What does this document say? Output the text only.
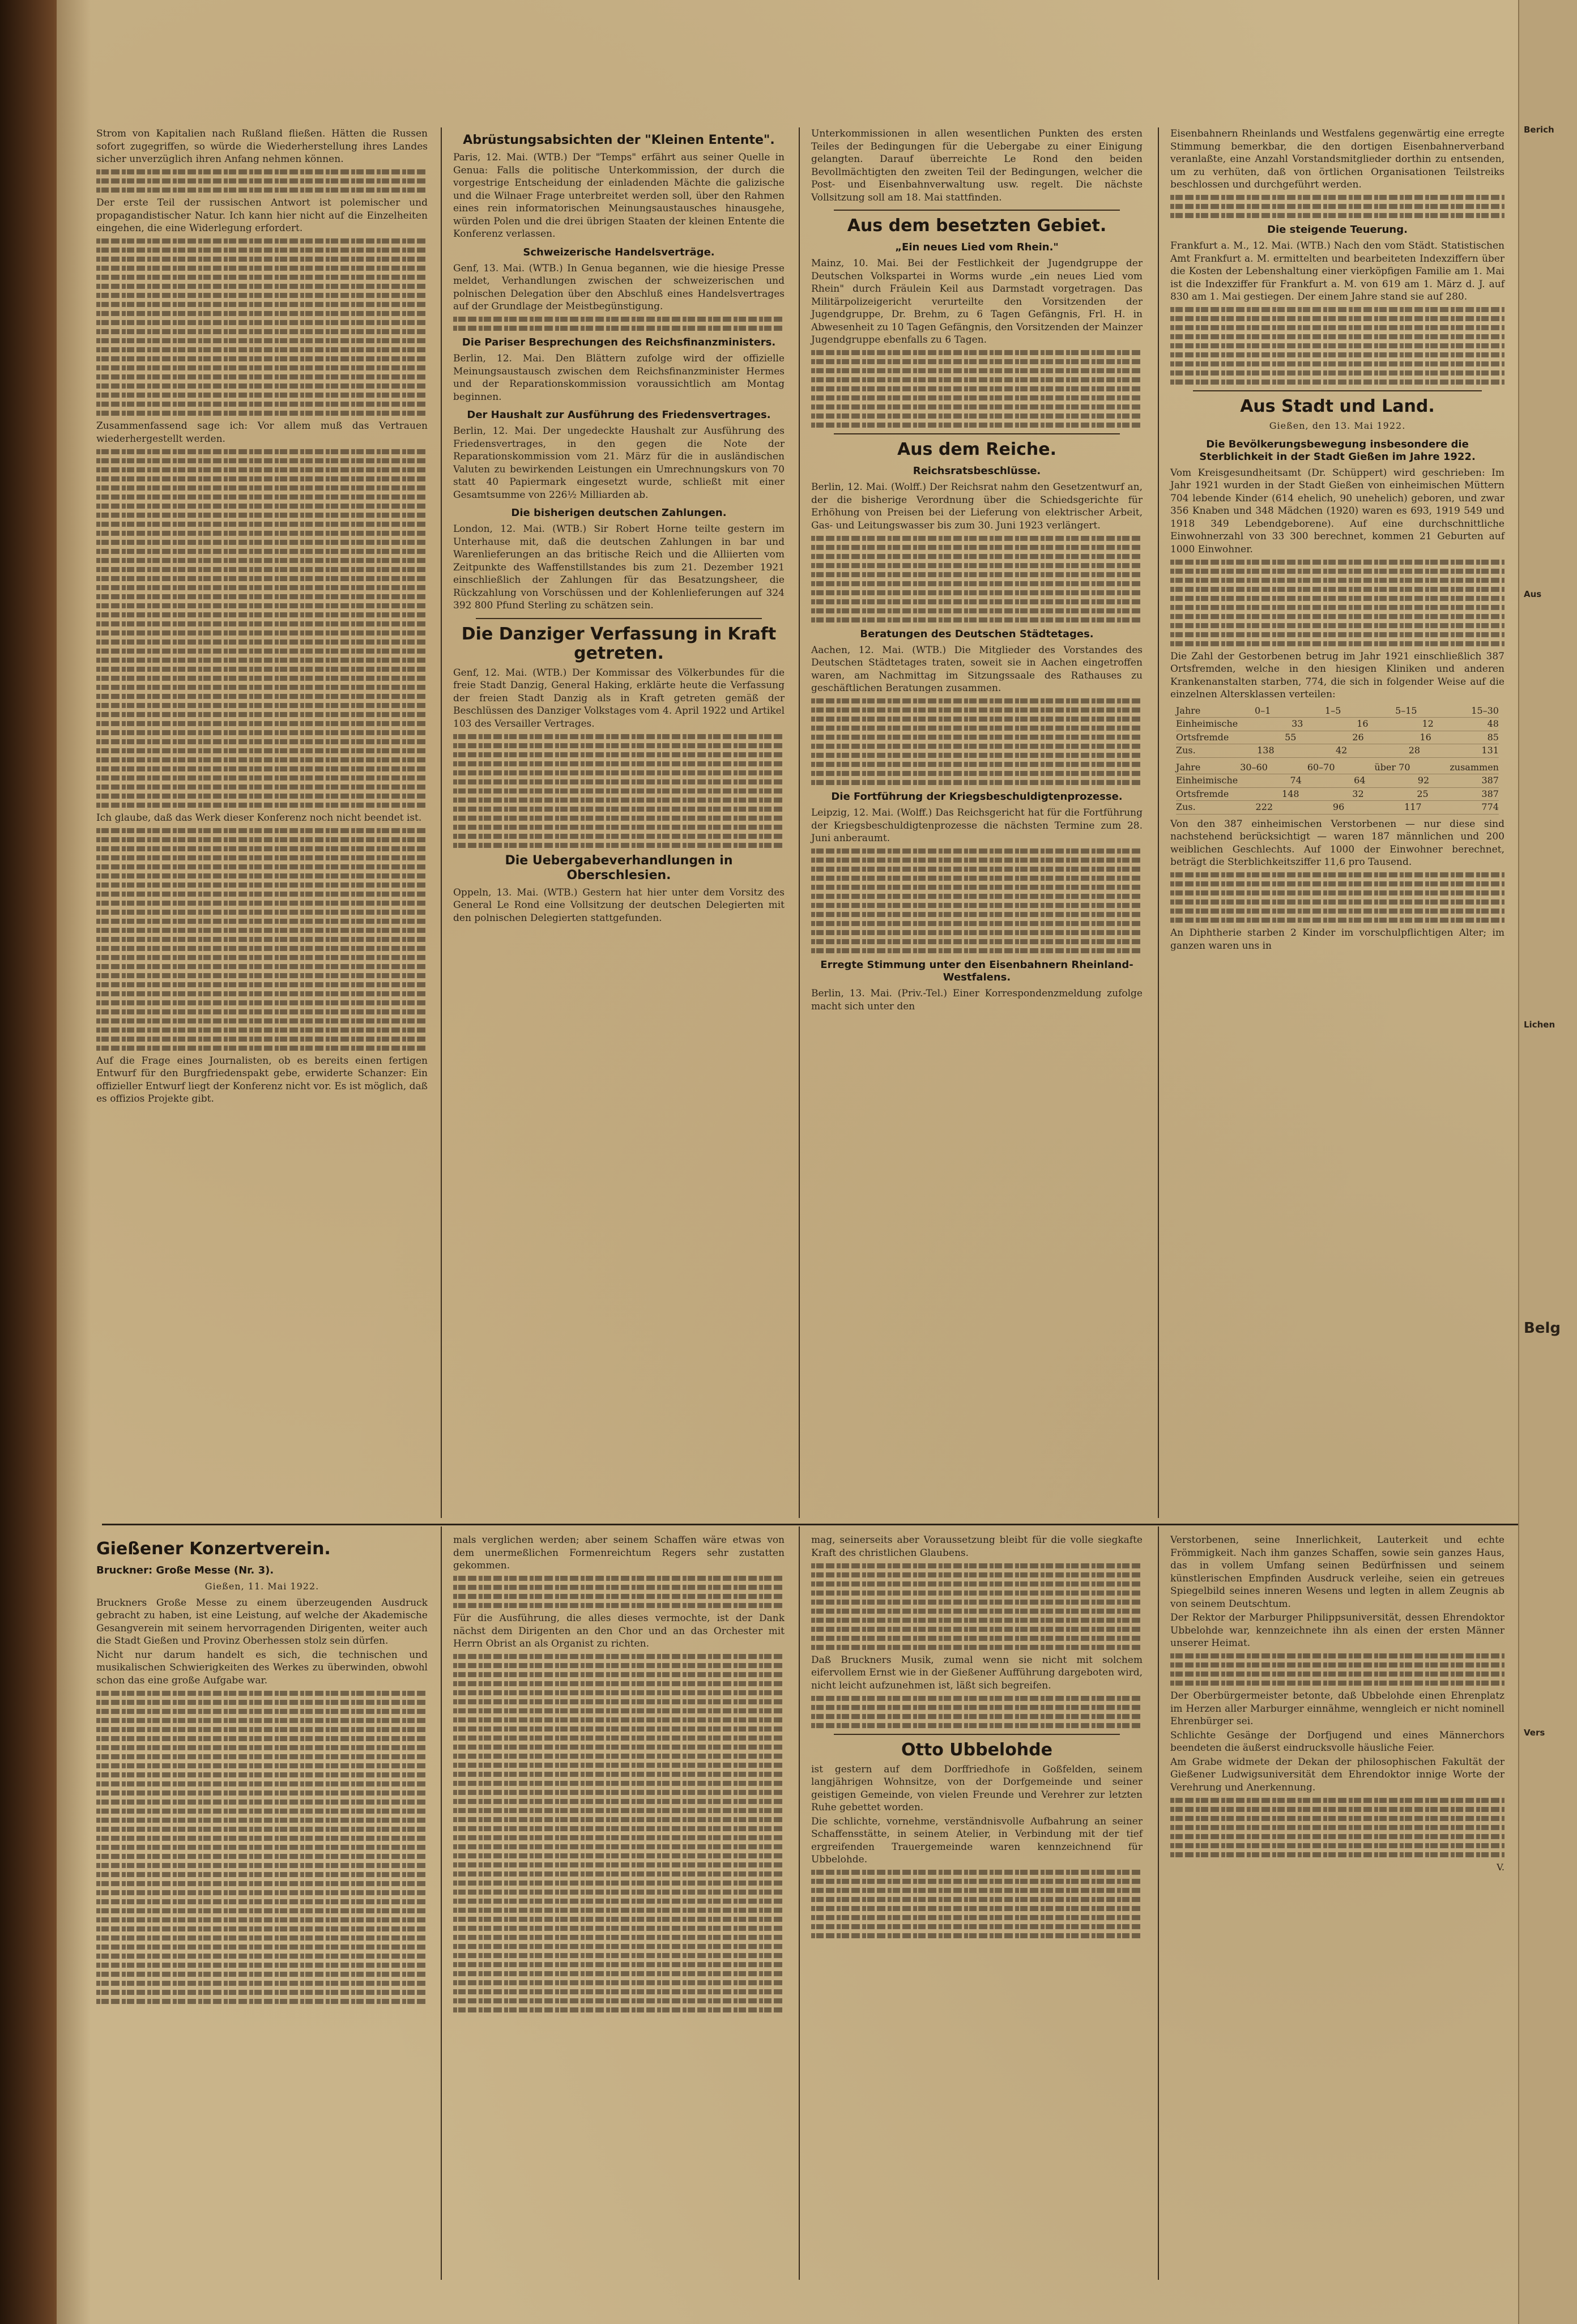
Strom von Kapitalien nach Rußland fließen. Hätten die Russen sofort zugegriffen, so würde die Wiederherstellung ihres Landes sicher unverzüglich ihren Anfang nehmen können.

Der erste Teil der russischen Antwort ist polemischer und propagandistischer Natur. Ich kann hier nicht auf die Einzelheiten eingehen, die eine Widerlegung erfordert.

Zusammenfassend sage ich: Vor allem muß das Vertrauen wiederhergestellt werden.

Ich glaube, daß das Werk dieser Konferenz noch nicht beendet ist.

Auf die Frage eines Journalisten, ob es bereits einen fertigen Entwurf für den Burgfriedenspakt gebe, erwiderte Schanzer: Ein offizieller Entwurf liegt der Konferenz nicht vor. Es ist möglich, daß es offizios Projekte gibt.

Abrüstungsabsichten der "Kleinen Entente".

Paris, 12. Mai. (WTB.) Der "Temps" erfährt aus seiner Quelle in Genua: Falls die politische Unterkommission, der durch die vorgestrige Entscheidung der einladenden Mächte die galizische und die Wilnaer Frage unterbreitet werden soll, über den Rahmen eines rein informatorischen Meinungsaustausches hinausgehe, würden Polen und die drei übrigen Staaten der kleinen Entente die Konferenz verlassen.

Schweizerische Handelsverträge.

Genf, 13. Mai. (WTB.) In Genua begannen, wie die hiesige Presse meldet, Verhandlungen zwischen der schweizerischen und polnischen Delegation über den Abschluß eines Handelsvertrages auf der Grundlage der Meistbegünstigung.

Die Pariser Besprechungen des Reichsfinanzministers.

Berlin, 12. Mai. Den Blättern zufolge wird der offizielle Meinungsaustausch zwischen dem Reichsfinanzminister Hermes und der Reparationskommission voraussichtlich am Montag beginnen.

Der Haushalt zur Ausführung des Friedensvertrages.

Berlin, 12. Mai. Der ungedeckte Haushalt zur Ausführung des Friedensvertrages, in den gegen die Note der Reparationskommission vom 21. März für die in ausländischen Valuten zu bewirkenden Leistungen ein Umrechnungskurs von 70 statt 40 Papiermark eingesetzt wurde, schließt mit einer Gesamtsumme von 226½ Milliarden ab.

Die bisherigen deutschen Zahlungen.

London, 12. Mai. (WTB.) Sir Robert Horne teilte gestern im Unterhause mit, daß die deutschen Zahlungen in bar und Warenlieferungen an das britische Reich und die Alliierten vom Zeitpunkte des Waffenstillstandes bis zum 21. Dezember 1921 einschließlich der Zahlungen für das Besatzungsheer, die Rückzahlung von Vorschüssen und der Kohlenlieferungen auf 324 392 800 Pfund Sterling zu schätzen sein.

Die Danziger Verfassung in Kraft getreten.

Genf, 12. Mai. (WTB.) Der Kommissar des Völkerbundes für die freie Stadt Danzig, General Haking, erklärte heute die Verfassung der freien Stadt Danzig als in Kraft getreten gemäß der Beschlüssen des Danziger Volkstages vom 4. April 1922 und Artikel 103 des Versailler Vertrages.

Die Uebergabeverhandlungen in Oberschlesien.

Oppeln, 13. Mai. (WTB.) Gestern hat hier unter dem Vorsitz des General Le Rond eine Vollsitzung der deutschen Delegierten mit den polnischen Delegierten stattgefunden.

Unterkommissionen in allen wesentlichen Punkten des ersten Teiles der Bedingungen für die Uebergabe zu einer Einigung gelangten. Darauf überreichte Le Rond den beiden Bevollmächtigten den zweiten Teil der Bedingungen, welcher die Post- und Eisenbahnverwaltung usw. regelt. Die nächste Vollsitzung soll am 18. Mai stattfinden.

Aus dem besetzten Gebiet.
„Ein neues Lied vom Rhein."

Mainz, 10. Mai. Bei der Festlichkeit der Jugendgruppe der Deutschen Volkspartei in Worms wurde „ein neues Lied vom Rhein" durch Fräulein Keil aus Darmstadt vorgetragen. Das Militärpolizeigericht verurteilte den Vorsitzenden der Jugendgruppe, Dr. Brehm, zu 6 Tagen Gefängnis, Frl. H. in Abwesenheit zu 10 Tagen Gefängnis, den Vorsitzenden der Mainzer Jugendgruppe ebenfalls zu 6 Tagen.

Aus dem Reiche.
Reichsratsbeschlüsse.

Berlin, 12. Mai. (Wolff.) Der Reichsrat nahm den Gesetzentwurf an, der die bisherige Verordnung über die Schiedsgerichte für Erhöhung von Preisen bei der Lieferung von elektrischer Arbeit, Gas- und Leitungswasser bis zum 30. Juni 1923 verlängert.

Beratungen des Deutschen Städtetages.

Aachen, 12. Mai. (WTB.) Die Mitglieder des Vorstandes des Deutschen Städtetages traten, soweit sie in Aachen eingetroffen waren, am Nachmittag im Sitzungssaale des Rathauses zu geschäftlichen Beratungen zusammen.

Die Fortführung der Kriegsbeschuldigtenprozesse.

Leipzig, 12. Mai. (Wolff.) Das Reichsgericht hat für die Fortführung der Kriegsbeschuldigtenprozesse die nächsten Termine zum 28. Juni anberaumt.

Erregte Stimmung unter den Eisenbahnern Rheinland-Westfalens.

Berlin, 13. Mai. (Priv.-Tel.) Einer Korrespondenzmeldung zufolge macht sich unter den

Eisenbahnern Rheinlands und Westfalens gegenwärtig eine erregte Stimmung bemerkbar, die den dortigen Eisenbahnerverband veranlaßte, eine Anzahl Vorstandsmitglieder dorthin zu entsenden, um zu verhüten, daß von örtlichen Organisationen Teilstreiks beschlossen und durchgeführt werden.

Die steigende Teuerung.

Frankfurt a. M., 12. Mai. (WTB.) Nach den vom Städt. Statistischen Amt Frankfurt a. M. ermittelten und bearbeiteten Indexziffern über die Kosten der Lebenshaltung einer vierköpfigen Familie am 1. Mai ist die Indexziffer für Frankfurt a. M. von 619 am 1. März d. J. auf 830 am 1. Mai gestiegen. Der einem Jahre stand sie auf 280.

Aus Stadt und Land.
Gießen, den 13. Mai 1922.
Die Bevölkerungsbewegung insbesondere die Sterblichkeit in der Stadt Gießen im Jahre 1922.

Vom Kreisgesundheitsamt (Dr. Schüppert) wird geschrieben: Im Jahr 1921 wurden in der Stadt Gießen von einheimischen Müttern 704 lebende Kinder (614 ehelich, 90 unehelich) geboren, und zwar 356 Knaben und 348 Mädchen (1920) waren es 693, 1919 549 und 1918 349 Lebendgeborene). Auf eine durchschnittliche Einwohnerzahl von 33 300 berechnet, kommen 21 Geburten auf 1000 Einwohner.

Die Zahl der Gestorbenen betrug im Jahr 1921 einschließlich 387 Ortsfremden, welche in den hiesigen Kliniken und anderen Krankenanstalten starben, 774, die sich in folgender Weise auf die einzelnen Altersklassen verteilen:

Jahre	0–1	1–5	5–15	15–30
Einheimische	33	16	12	48
Ortsfremde	55	26	16	85
Zus.	138	42	28	131
Jahre	30–60	60–70	über 70	zusammen
Einheimische	74	64	92	387
Ortsfremde	148	32	25	387
Zus.	222	96	117	774

Von den 387 einheimischen Verstorbenen — nur diese sind nachstehend berücksichtigt — waren 187 männlichen und 200 weiblichen Geschlechts. Auf 1000 der Einwohner berechnet, beträgt die Sterblichkeitsziffer 11,6 pro Tausend.

An Diphtherie starben 2 Kinder im vorschulpflichtigen Alter; im ganzen waren uns in

Gießener Konzertverein.
Bruckner: Große Messe (Nr. 3).
Gießen, 11. Mai 1922.

Bruckners Große Messe zu einem überzeugenden Ausdruck gebracht zu haben, ist eine Leistung, auf welche der Akademische Gesangverein mit seinem hervorragenden Dirigenten, weiter auch die Stadt Gießen und Provinz Oberhessen stolz sein dürfen.

Nicht nur darum handelt es sich, die technischen und musikalischen Schwierigkeiten des Werkes zu überwinden, obwohl schon das eine große Aufgabe war.

mals verglichen werden; aber seinem Schaffen wäre etwas von dem unermeßlichen Formenreichtum Regers sehr zustatten gekommen.

Für die Ausführung, die alles dieses vermochte, ist der Dank nächst dem Dirigenten an den Chor und an das Orchester mit Herrn Obrist an als Organist zu richten.

mag, seinerseits aber Voraussetzung bleibt für die volle siegkafte Kraft des christlichen Glaubens.

Daß Bruckners Musik, zumal wenn sie nicht mit solchem eifervollem Ernst wie in der Gießener Aufführung dargeboten wird, nicht leicht aufzunehmen ist, läßt sich begreifen.

Otto Ubbelohde

ist gestern auf dem Dorffriedhofe in Goßfelden, seinem langjährigen Wohnsitze, von der Dorfgemeinde und seiner geistigen Gemeinde, von vielen Freunde und Verehrer zur letzten Ruhe gebettet worden.

Die schlichte, vornehme, verständnisvolle Aufbahrung an seiner Schaffensstätte, in seinem Atelier, in Verbindung mit der tief ergreifenden Trauergemeinde waren kennzeichnend für Ubbelohde.

Verstorbenen, seine Innerlichkeit, Lauterkeit und echte Frömmigkeit. Nach ihm ganzes Schaffen, sowie sein ganzes Haus, das in vollem Umfang seinen Bedürfnissen und seinem künstlerischen Empfinden Ausdruck verleihe, seien ein getreues Spiegelbild seines inneren Wesens und legten in allem Zeugnis ab von seinem Deutschtum.

Der Rektor der Marburger Philippsuniversität, dessen Ehrendoktor Ubbelohde war, kennzeichnete ihn als einen der ersten Männer unserer Heimat.

Der Oberbürgermeister betonte, daß Ubbelohde einen Ehrenplatz im Herzen aller Marburger einnähme, wenngleich er nicht nominell Ehrenbürger sei.

Schlichte Gesänge der Dorfjugend und eines Männerchors beendeten die äußerst eindrucksvolle häusliche Feier.

Am Grabe widmete der Dekan der philosophischen Fakultät der Gießener Ludwigsuniversität dem Ehrendoktor innige Worte der Verehrung und Anerkennung.

V.
Berich
Aus
Lichen
Belg
Vers
